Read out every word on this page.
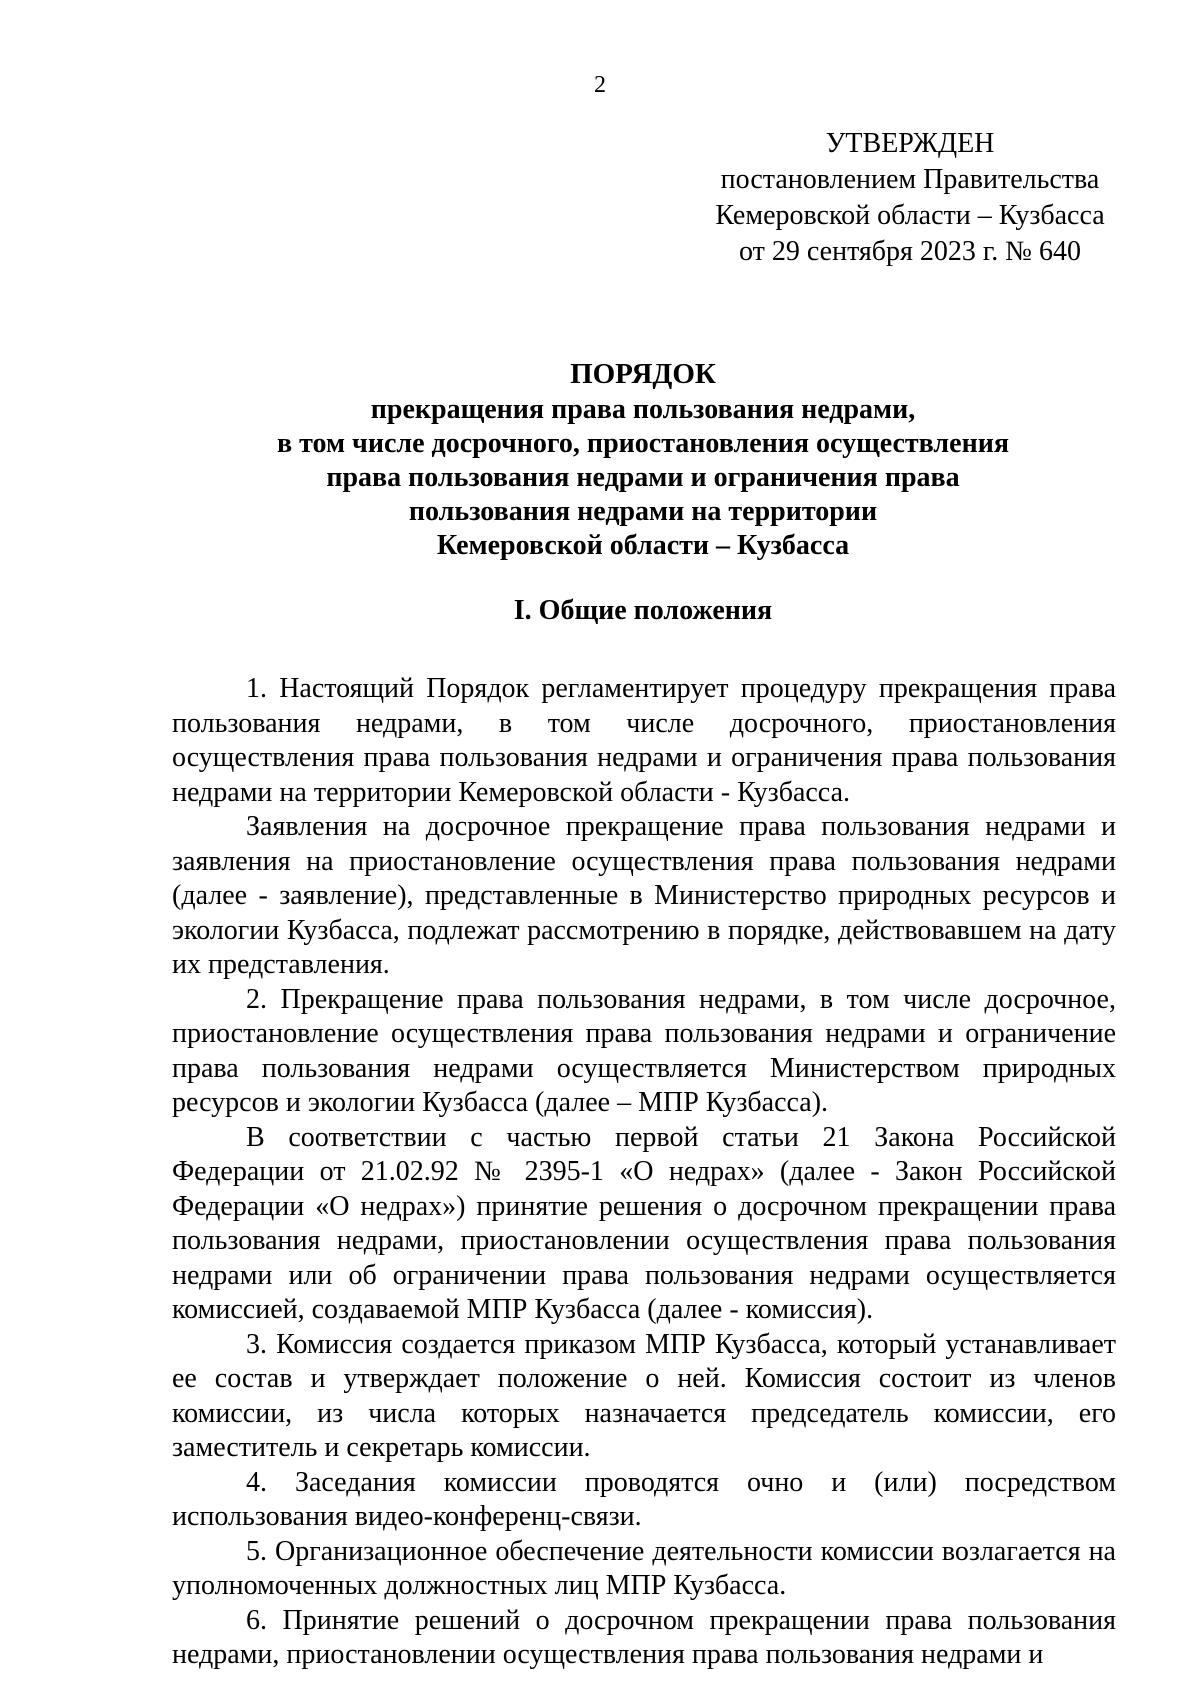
2
УТВЕРЖДЕН
постановлением Правительства
Кемеровской области – Кузбасса
от 29 сентября 2023 г. № 640
ПОРЯДОК
прекращения права пользования недрами,
в том числе досрочного, приостановления осуществления
права пользования недрами и ограничения права
пользования недрами на территории
Кемеровской области – Кузбасса
I. Общие положения

1. Настоящий Порядок регламентирует процедуру прекращения права пользования недрами, в том числе досрочного, приостановления осуществления права пользования недрами и ограничения права пользования недрами на территории Кемеровской области - Кузбасса.

Заявления на досрочное прекращение права пользования недрами и заявления на приостановление осуществления права пользования недрами (далее - заявление), представленные в Министерство природных ресурсов и экологии Кузбасса, подлежат рассмотрению в порядке, действовавшем на дату их представления.

2. Прекращение права пользования недрами, в том числе досрочное, приостановление осуществления права пользования недрами и ограничение права пользования недрами осуществляется Министерством природных ресурсов и экологии Кузбасса (далее – МПР Кузбасса).

В соответствии с частью первой статьи 21 Закона Российской Федерации от 21.02.92 № 2395-1 «О недрах» (далее - Закон Российской Федерации «О недрах») принятие решения о досрочном прекращении права пользования недрами, приостановлении осуществления права пользования недрами или об ограничении права пользования недрами осуществляется комиссией, создаваемой МПР Кузбасса (далее - комиссия).

3. Комиссия создается приказом МПР Кузбасса, который устанавливает ее состав и утверждает положение о ней. Комиссия состоит из членов комиссии, из числа которых назначается председатель комиссии, его заместитель и секретарь комиссии.

4. Заседания комиссии проводятся очно и (или) посредством использования видео-конференц-связи.

5. Организационное обеспечение деятельности комиссии возлагается на уполномоченных должностных лиц МПР Кузбасса.

6. Принятие решений о досрочном прекращении права пользования недрами, приостановлении осуществления права пользования недрами и
